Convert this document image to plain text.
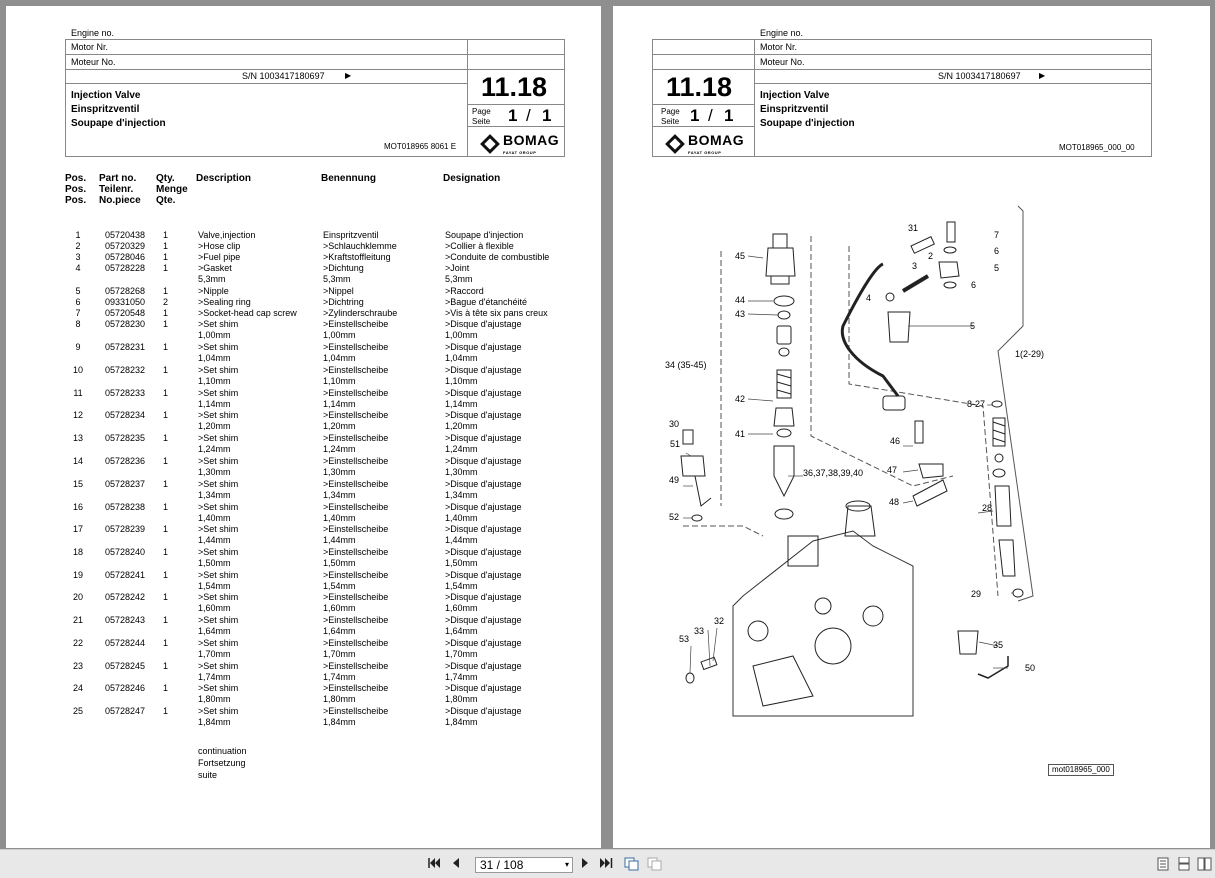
Engine no.
Motor Nr.
Moteur No.
S/N 1003417180697	▶	11.18
Page
Seite 1 / 1
BOMAG
FAYAT GROUP
Injection Valve
Einspritzventil
Soupape d'injection
MOT018965 8061 E
Pos.
Pos.
Pos.
Part no.
Teilenr.
No.piece
Qty.
Menge
Qte.
Description	Benennung	Designation
1	05720438 1	Valve,injection	Einspritzventil	Soupape d'injection
2	05720329 1	>Hose clip	>Schlauchklemme	>Collier à flexible
3	05728046 1	>Fuel pipe	>Kraftstoffleitung	>Conduite de combustible
4	05728228 1	>Gasket	>Dichtung	>Joint
5,3mm	5,3mm	5,3mm
5	05728268 1	>Nipple	>Nippel	>Raccord
6	09331050 2	>Sealing ring	>Dichtring	>Bague d'étanchéité
7	05720548 1	>Socket-head cap screw	>Zylinderschraube	>Vis à tête six pans creux
8	05728230 1	>Set shim	>Einstellscheibe	>Disque d'ajustage
1,00mm	1,00mm	1,00mm
9	05728231 1	>Set shim	>Einstellscheibe	>Disque d'ajustage
1,04mm	1,04mm	1,04mm
10 05728232 1	>Set shim	>Einstellscheibe	>Disque d'ajustage
1,10mm	1,10mm	1,10mm
11 05728233 1	>Set shim	>Einstellscheibe	>Disque d'ajustage
1,14mm	1,14mm	1,14mm
12 05728234 1	>Set shim	>Einstellscheibe	>Disque d'ajustage
1,20mm	1,20mm	1,20mm
13 05728235 1	>Set shim	>Einstellscheibe	>Disque d'ajustage
1,24mm	1,24mm	1,24mm
14 05728236 1	>Set shim	>Einstellscheibe	>Disque d'ajustage
1,30mm	1,30mm	1,30mm
15 05728237 1	>Set shim	>Einstellscheibe	>Disque d'ajustage
1,34mm	1,34mm	1,34mm
16 05728238 1	>Set shim	>Einstellscheibe	>Disque d'ajustage
1,40mm	1,40mm	1,40mm
17 05728239 1	>Set shim	>Einstellscheibe	>Disque d'ajustage
1,44mm	1,44mm	1,44mm
18 05728240 1	>Set shim	>Einstellscheibe	>Disque d'ajustage
1,50mm	1,50mm	1,50mm
19 05728241 1	>Set shim	>Einstellscheibe	>Disque d'ajustage
1,54mm	1,54mm	1,54mm
20 05728242 1	>Set shim	>Einstellscheibe	>Disque d'ajustage
1,60mm	1,60mm	1,60mm
21 05728243 1	>Set shim	>Einstellscheibe	>Disque d'ajustage
1,64mm	1,64mm	1,64mm
22 05728244 1	>Set shim	>Einstellscheibe	>Disque d'ajustage
1,70mm	1,70mm	1,70mm
23 05728245 1	>Set shim	>Einstellscheibe	>Disque d'ajustage
1,74mm	1,74mm	1,74mm
24 05728246 1	>Set shim	>Einstellscheibe	>Disque d'ajustage
1,80mm	1,80mm	1,80mm
25 05728247 1	>Set shim	>Einstellscheibe	>Disque d'ajustage
1,84mm	1,84mm	1,84mm
continuation
Fortsetzung
suite
Engine no.
Motor Nr.
Moteur No.
11.18	S/N 1003417180697 ▶
Page
Seite 1 / 1
BOMAG
FAYAT GROUP
Injection Valve
Einspritzventil
Soupape d'injection
MOT018965_000_00
31
7
6
2
5
3
6
45
4
5
44
43
1(2-29)
34 (35-45)
42	8-27
30
46
41
51
47
36,37,38,39,40
49
48
28
52
29
32
33
53
35
50
mot018965_000
31 / 108	▾
